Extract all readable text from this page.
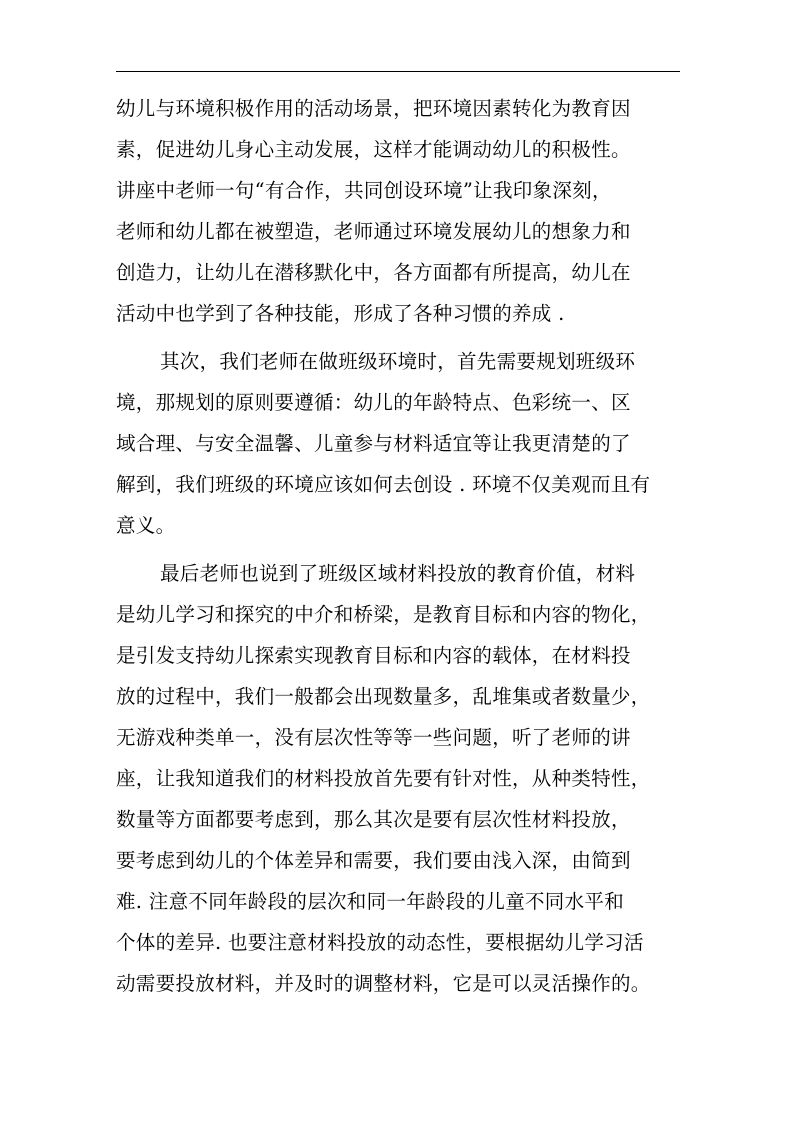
幼儿与环境积极作用的活动场景，把环境因素转化为教育因
素，促进幼儿身心主动发展，这样才能调动幼儿的积极性。
讲座中老师一句“有合作，共同创设环境”让我印象深刻，
老师和幼儿都在被塑造，老师通过环境发展幼儿的想象力和
创造力，让幼儿在潜移默化中，各方面都有所提高，幼儿在
活动中也学到了各种技能，形成了各种习惯的养成 .
其次，我们老师在做班级环境时，首先需要规划班级环
境，那规划的原则要遵循：幼儿的年龄特点、色彩统一、区
域合理、与安全温馨、儿童参与材料适宜等让我更清楚的了
解到，我们班级的环境应该如何去创设 . 环境不仅美观而且有
意义。
最后老师也说到了班级区域材料投放的教育价值，材料
是幼儿学习和探究的中介和桥梁，是教育目标和内容的物化，
是引发支持幼儿探索实现教育目标和内容的载体，在材料投
放的过程中，我们一般都会出现数量多，乱堆集或者数量少，
无游戏种类单一，没有层次性等等一些问题，听了老师的讲
座，让我知道我们的材料投放首先要有针对性，从种类特性，
数量等方面都要考虑到，那么其次是要有层次性材料投放，
要考虑到幼儿的个体差异和需要，我们要由浅入深，由简到
难. 注意不同年龄段的层次和同一年龄段的儿童不同水平和
个体的差异. 也要注意材料投放的动态性，要根据幼儿学习活
动需要投放材料，并及时的调整材料，它是可以灵活操作的。
